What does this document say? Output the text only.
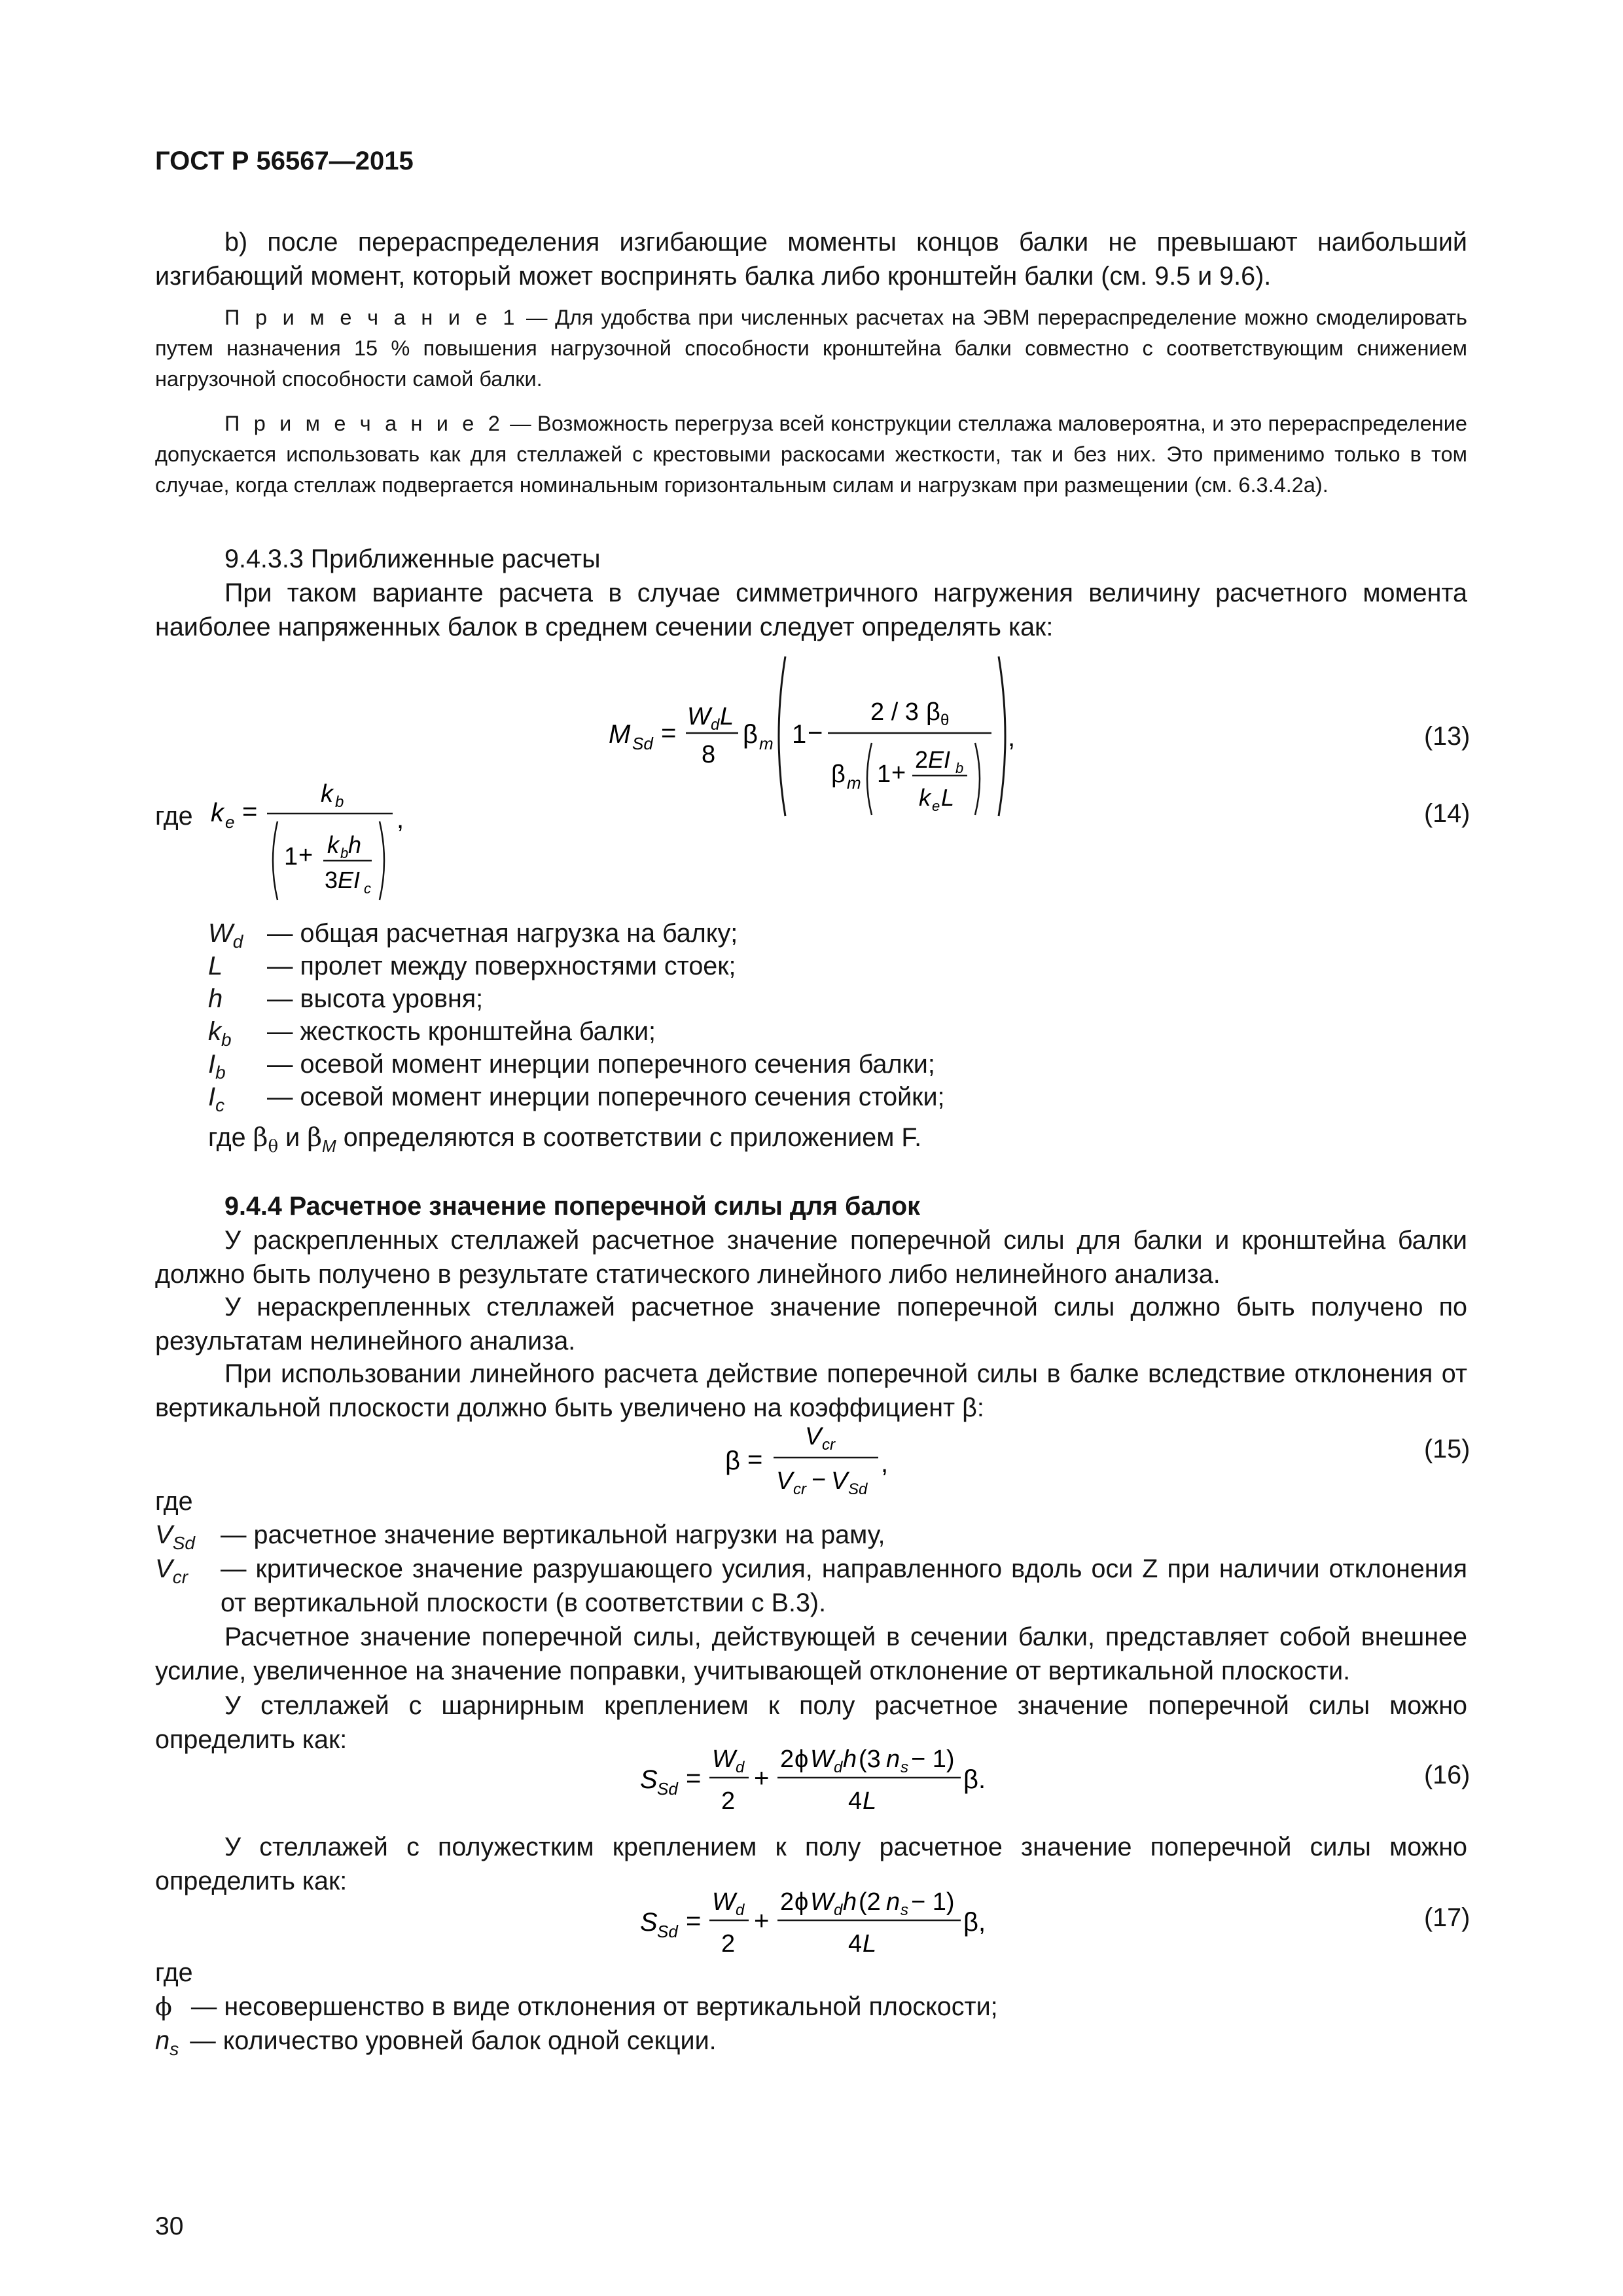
ГОСТ Р 56567—2015
b) после перераспределения изгибающие моменты концов балки не превышают наибольший изгибающий момент, который может воспринять балка либо кронштейн балки (см. 9.5 и 9.6).
П р и м е ч а н и е 1 — Для удобства при численных расчетах на ЭВМ перераспределение можно смоделировать путем назначения 15 % повышения нагрузочной способности кронштейна балки совместно с соответствующим снижением нагрузочной способности самой балки.
П р и м е ч а н и е 2 — Возможность перегруза всей конструкции стеллажа маловероятна, и это перераспределение допускается использовать как для стеллажей с крестовыми раскосами жесткости, так и без них. Это применимо только в том случае, когда стеллаж подвергается номинальным горизонтальным силам и нагрузкам при размещении (см. 6.3.4.2a).
9.4.3.3 Приближенные расчеты
При таком варианте расчета в случае симметричного нагружения величину расчетного момента наиболее напряженных балок в среднем сечении следует определять как:
M Sd =
W d L
8
β m 1 −
2 / 3 β θ
β m 1 + 2 EI b
k e L
,	(13)
где k e =
k b
1 + k b h
3 EI c
,	(14)
$W_d$ — общая расчетная нагрузка на балку;
L — пролет между поверхностями стоек;
h — высота уровня;
$k_b$ — жесткость кронштейна балки;
$I_b$ — осевой момент инерции поперечного сечения балки;
$I_c$ — осевой момент инерции поперечного сечения стойки;
где $\beta_\theta$ и $\beta_M$ определяются в соответствии с приложением F.
9.4.4 Расчетное значение поперечной силы для балок
У раскрепленных стеллажей расчетное значение поперечной силы для балки и кронштейна балки должно быть получено в результате статического линейного либо нелинейного анализа.
У нераскрепленных стеллажей расчетное значение поперечной силы должно быть получено по результатам нелинейного анализа.
При использовании линейного расчета действие поперечной силы в балке вследствие отклонения от вертикальной плоскости должно быть увеличено на коэффициент β:
β =
V cr
V cr − V Sd
,	(15)
где
$V_{Sd}$ — расчетное значение вертикальной нагрузки на раму,
$V_{cr}$ — критическое значение разрушающего усилия, направленного вдоль оси Z при наличии отклонения от вертикальной плоскости (в соответствии с B.3).
Расчетное значение поперечной силы, действующей в сечении балки, представляет собой внешнее усилие, увеличенное на значение поправки, учитывающей отклонение от вертикальной плоскости.
У стеллажей с шарнирным креплением к полу расчетное значение поперечной силы можно определить как:
S Sd =
W d
2
+
2 ϕ W d h (3 n s − 1)
4 L
β.	(16)
У стеллажей с полужестким креплением к полу расчетное значение поперечной силы можно определить как:
S Sd =
W d
2
+
2 ϕ W d h (2 n s − 1)
4 L
β,	(17)
где
ϕ — несовершенство в виде отклонения от вертикальной плоскости;
$n_s$ — количество уровней балок одной секции.
30
